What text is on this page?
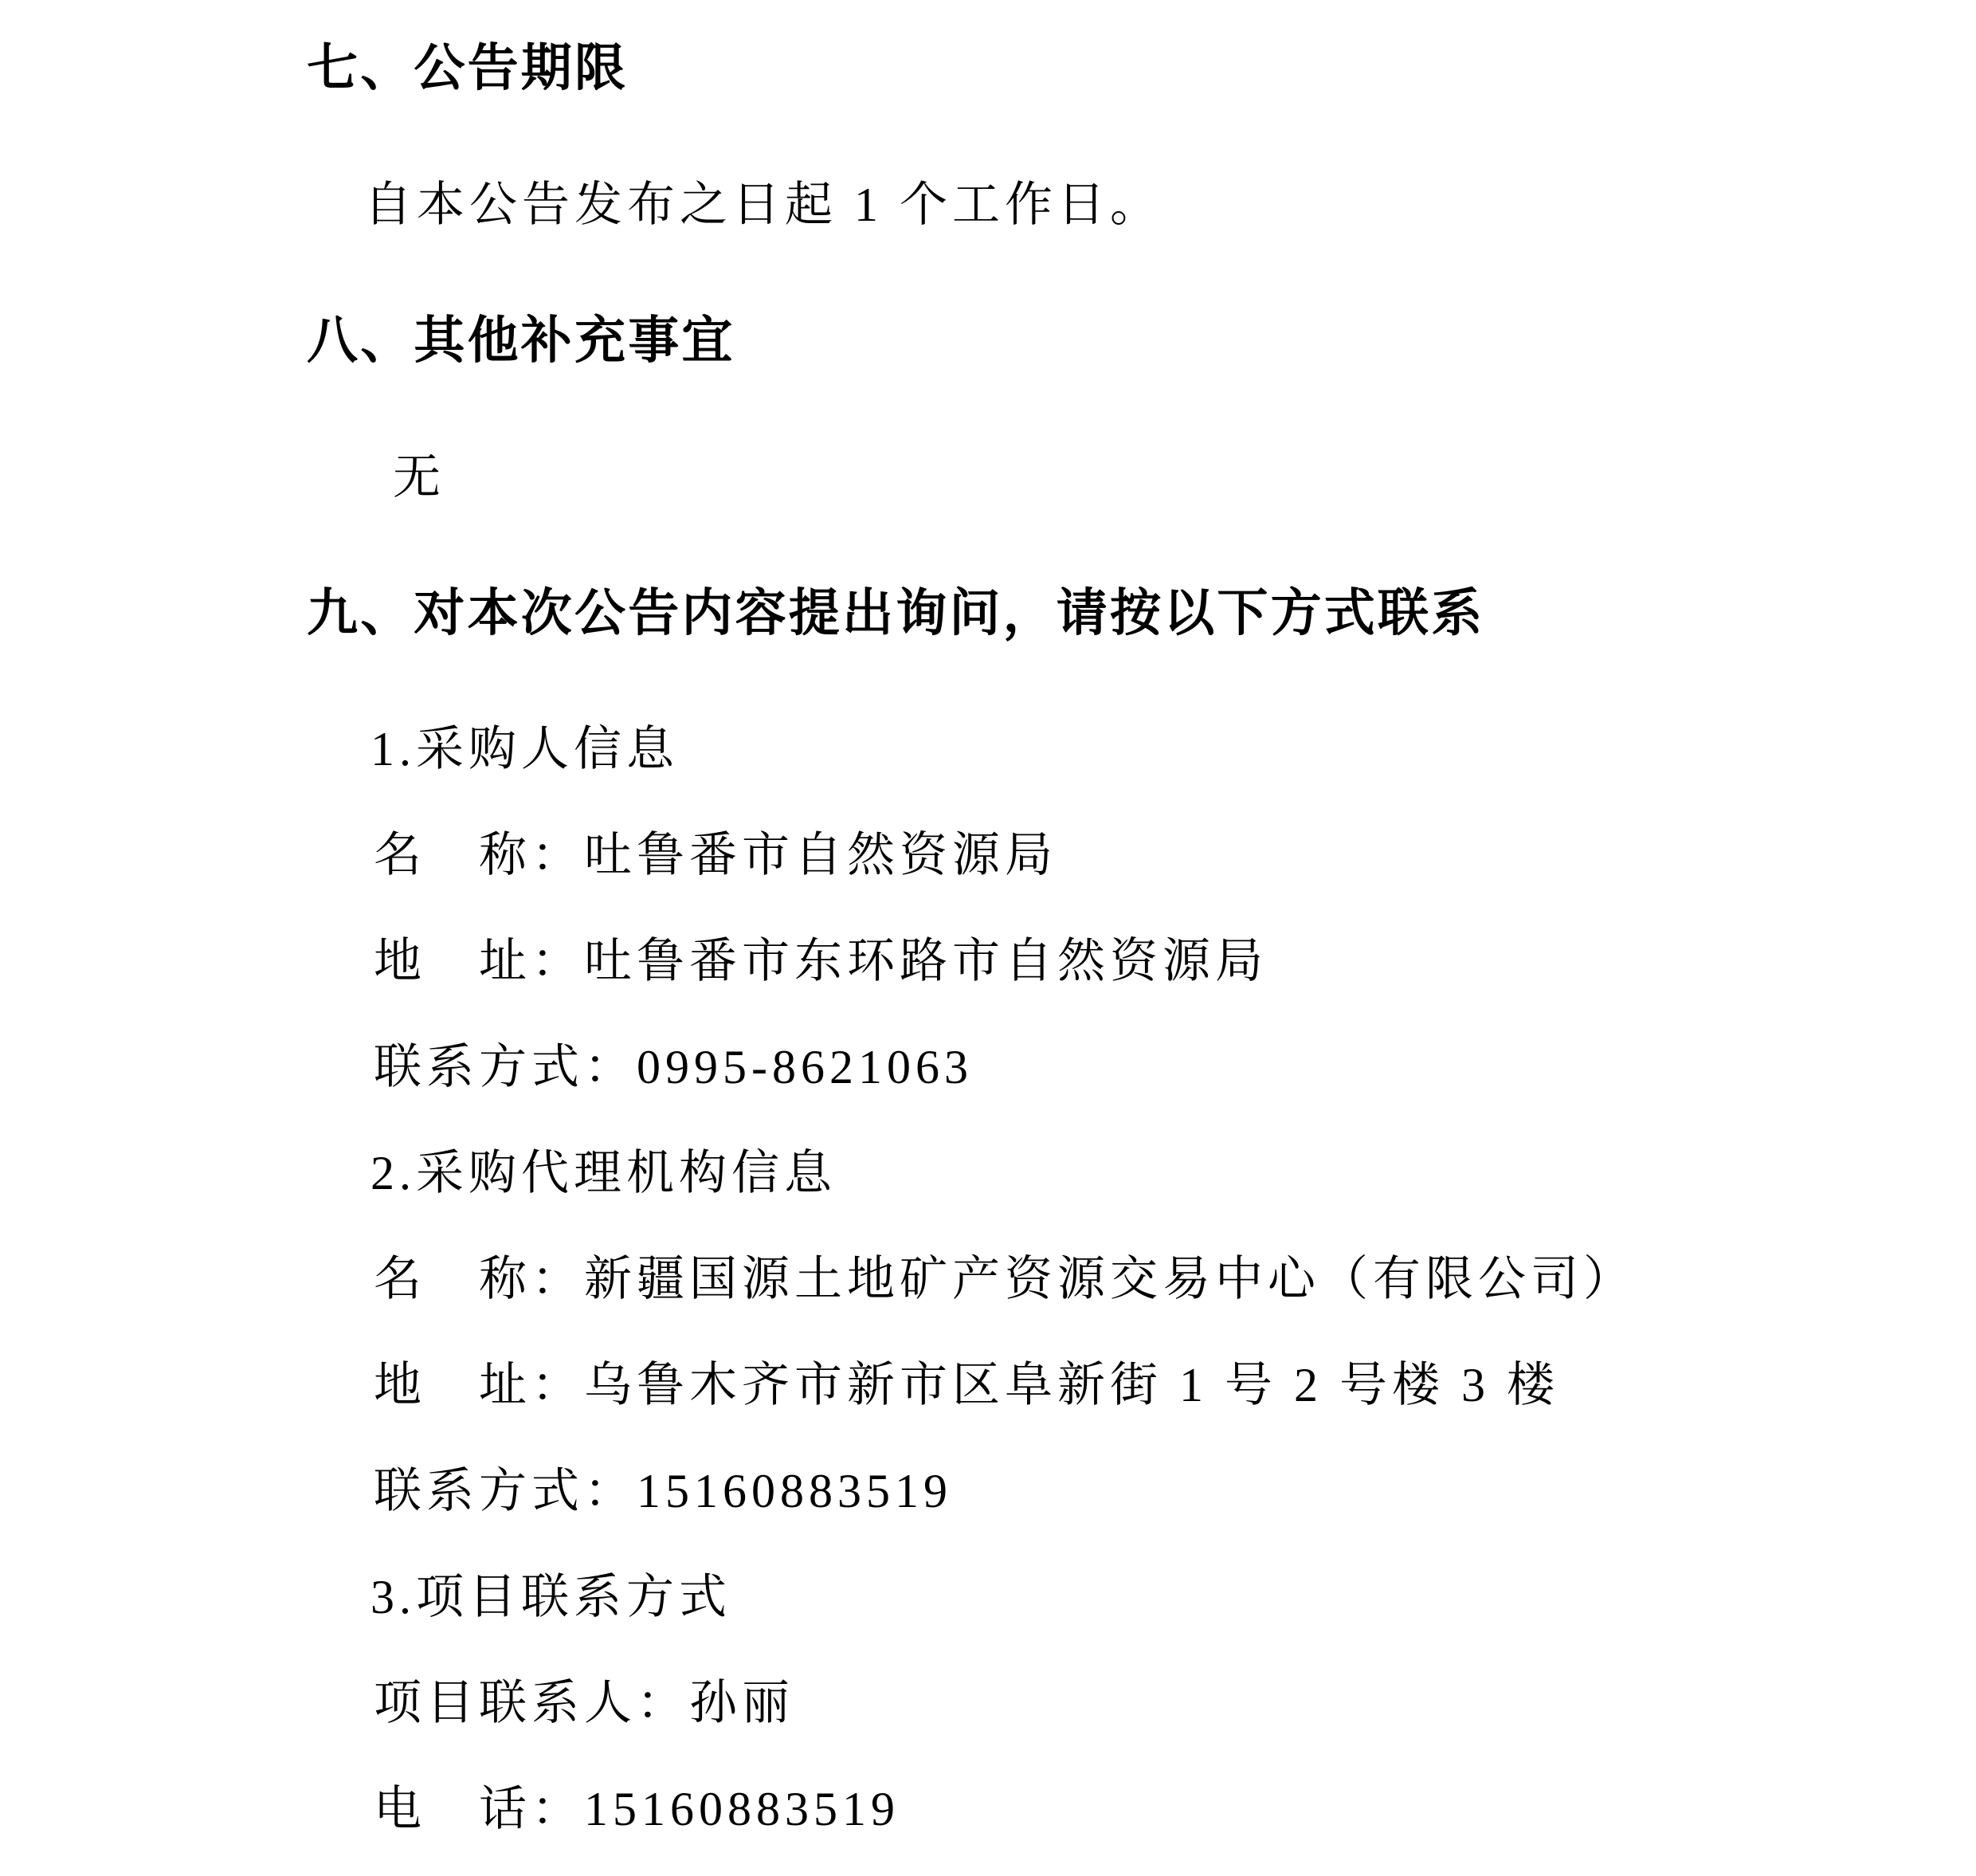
七、公告期限
自本公告发布之日起 1 个工作日。
八、其他补充事宜
无
九、对本次公告内容提出询问，请按以下方式联系
1.采购人信息
名　称：吐鲁番市自然资源局
地　址：吐鲁番市东环路市自然资源局
联系方式：0995-8621063
2.采购代理机构信息
名　称：新疆国源土地矿产资源交易中心（有限公司）
地　址：乌鲁木齐市新市区阜新街 1 号 2 号楼 3 楼
联系方式：15160883519
3.项目联系方式
项目联系人：孙丽
电　话：15160883519
